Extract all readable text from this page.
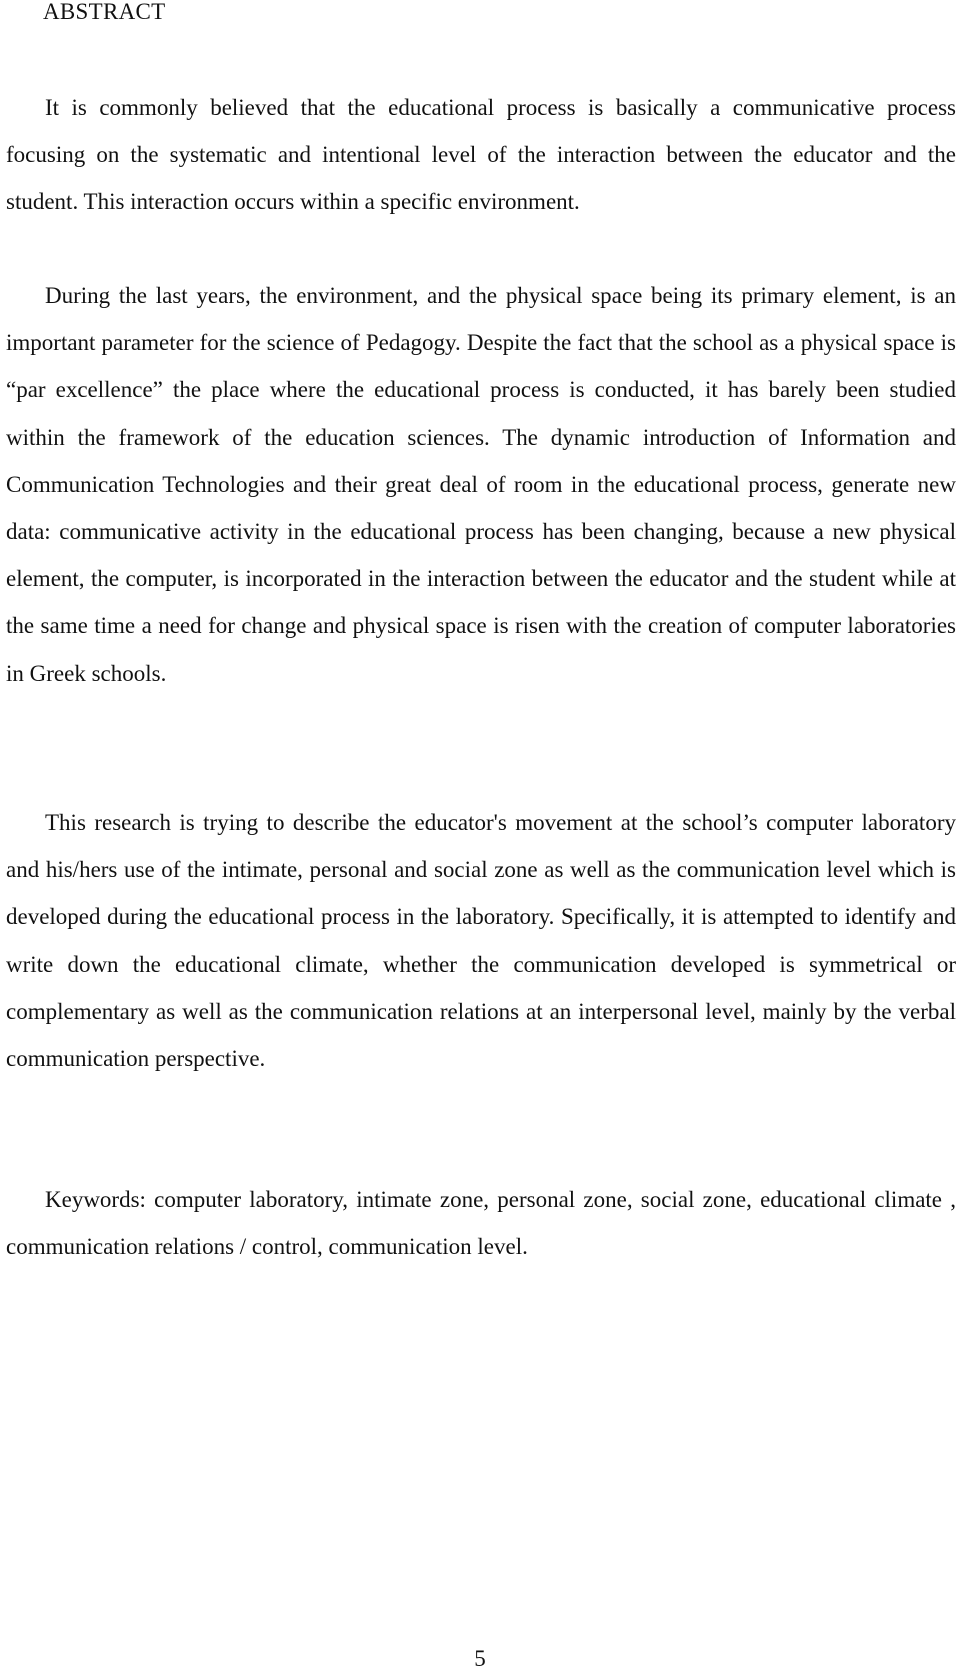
ABSTRACT

It is commonly believed that the educational process is basically a communicative process focusing on the systematic and intentional level of the interaction between the educator and the student. This interaction occurs within a specific environment.

During the last years, the environment, and the physical space being its primary element, is an important parameter for the science of Pedagogy. Despite the fact that the school as a physical space is “par excellence” the place where the educational process is conducted, it has barely been studied within the framework of the education sciences. The dynamic introduction of Information and Communication Technologies and their great deal of room in the educational process, generate new data: communicative activity in the educational process has been changing, because a new physical element, the computer, is incorporated in the interaction between the educator and the student while at the same time a need for change and physical space is risen with the creation of computer laboratories in Greek schools.

This research is trying to describe the educator's movement at the school’s computer laboratory and his/hers use of the intimate, personal and social zone as well as the communication level which is developed during the educational process in the laboratory. Specifically, it is attempted to identify and write down the educational climate, whether the communication developed is symmetrical or complementary as well as the communication relations at an interpersonal level, mainly by the verbal communication perspective.

Keywords: computer laboratory, intimate zone, personal zone, social zone, educational climate , communication relations / control, communication level.

5
